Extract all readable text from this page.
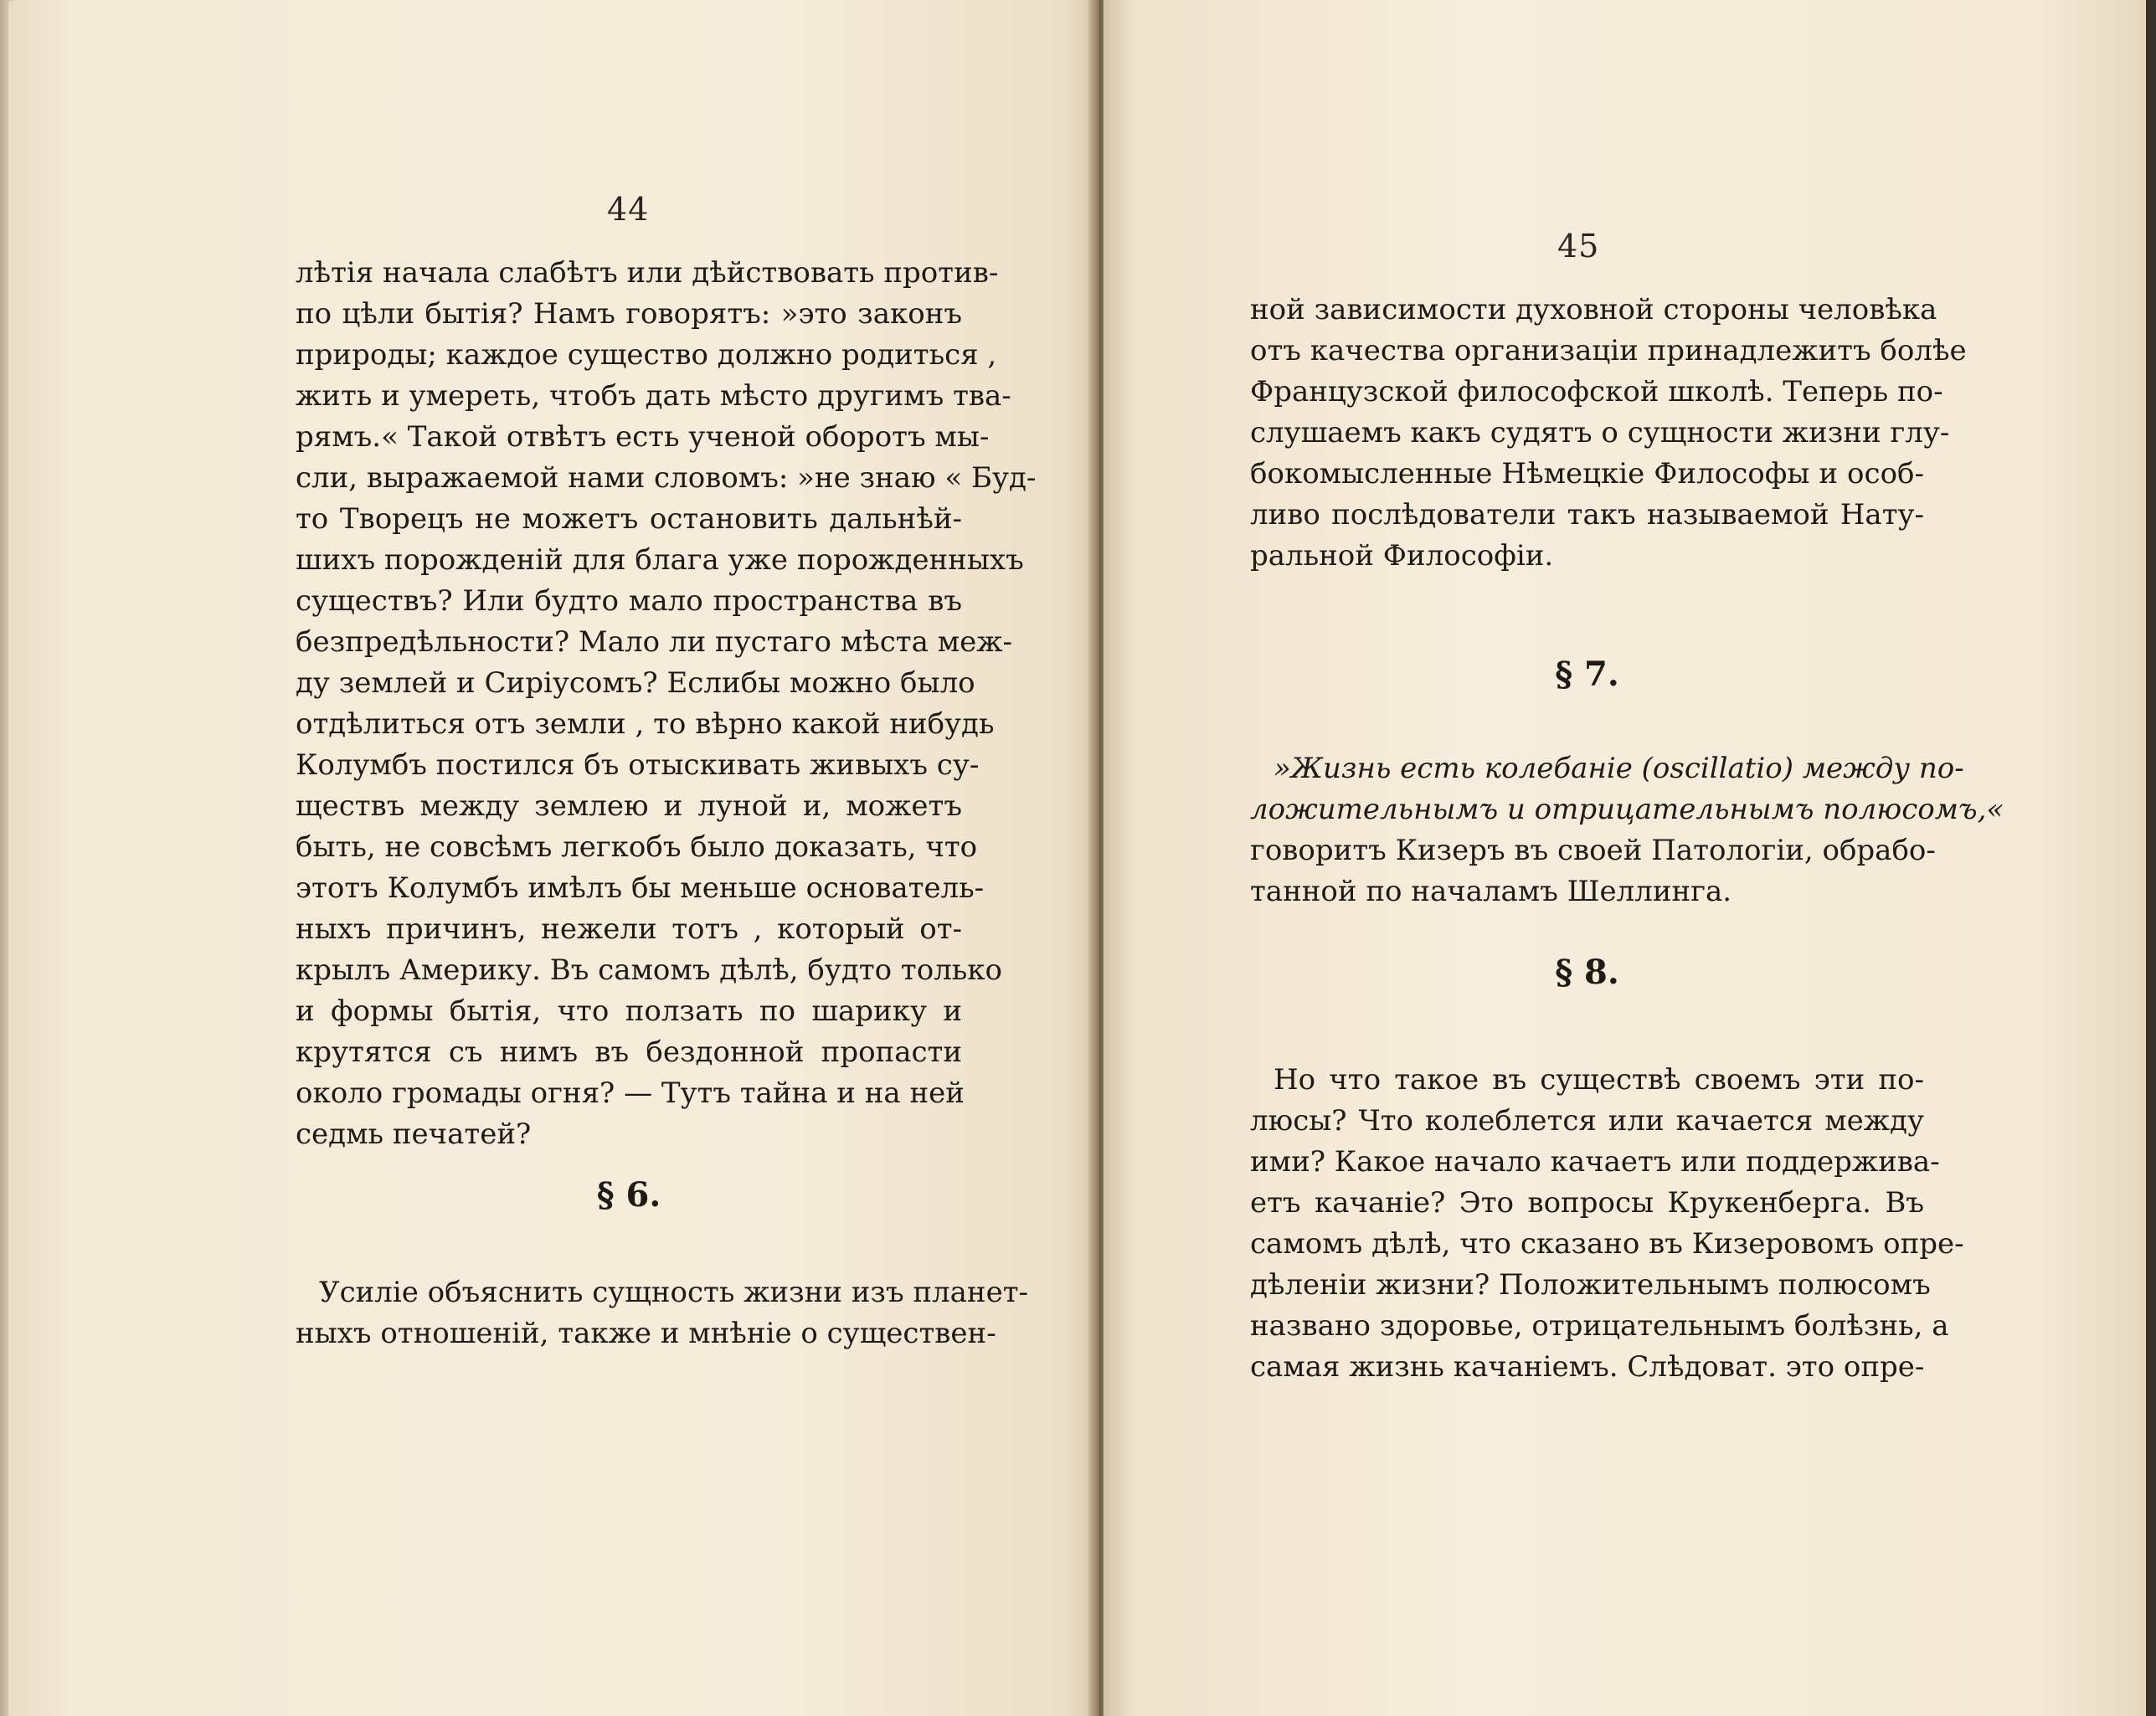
44
лѣтія начала слабѣтъ или дѣйствовать против-
по цѣли бытія? Намъ говорятъ: »это законъ
природы; каждое существо должно родиться ,
жить и умереть, чтобъ дать мѣсто другимъ тва-
рямъ.« Такой отвѣтъ есть ученой оборотъ мы-
сли, выражаемой нами словомъ: »не знаю « Буд-
то Творецъ не можетъ остановить дальнѣй-
шихъ порожденій для блага уже порожденныхъ
существъ? Или будто мало пространства въ
безпредѣльности? Мало ли пустаго мѣста меж-
ду землей и Сиріусомъ? Еслибы можно было
отдѣлиться отъ земли , то вѣрно какой нибудь
Колумбъ постился бъ отыскивать живыхъ су-
ществъ между землею и луной и, можетъ
быть, не совсѣмъ легкобъ было доказать, что
этотъ Колумбъ имѣлъ бы меньше основатель-
ныхъ причинъ, нежели тотъ , который от-
крылъ Америку. Въ самомъ дѣлѣ, будто только
и формы бытія, что ползать по шарику и
крутятся съ нимъ въ бездонной пропасти
около громады огня? — Тутъ тайна и на ней
седмь печатей?
§ 6.
Усиліе объяснить сущность жизни изъ планет-
ныхъ отношеній, также и мнѣніе о существен-
45
ной зависимости духовной стороны человѣка
отъ качества организаціи принадлежитъ болѣе
Французской философской школѣ. Теперь по-
слушаемъ какъ судятъ о сущности жизни глу-
бокомысленные Нѣмецкіе Философы и особ-
ливо послѣдователи такъ называемой Нату-
ральной Философіи.
§ 7.
»Жизнь есть колебаніе (oscillatio) между по-
ложительнымъ и отрицательнымъ полюсомъ,«
говоритъ Кизеръ въ своей Патологіи, обрабо-
танной по началамъ Шеллинга.
§ 8.
Но что такое въ существѣ своемъ эти по-
люсы? Что колеблется или качается между
ими? Какое начало качаетъ или поддержива-
етъ качаніе? Это вопросы Крукенберга. Въ
самомъ дѣлѣ, что сказано въ Кизеровомъ опре-
дѣленіи жизни? Положительнымъ полюсомъ
названо здоровье, отрицательнымъ болѣзнь, а
самая жизнь качаніемъ. Слѣдоват. это опре-
